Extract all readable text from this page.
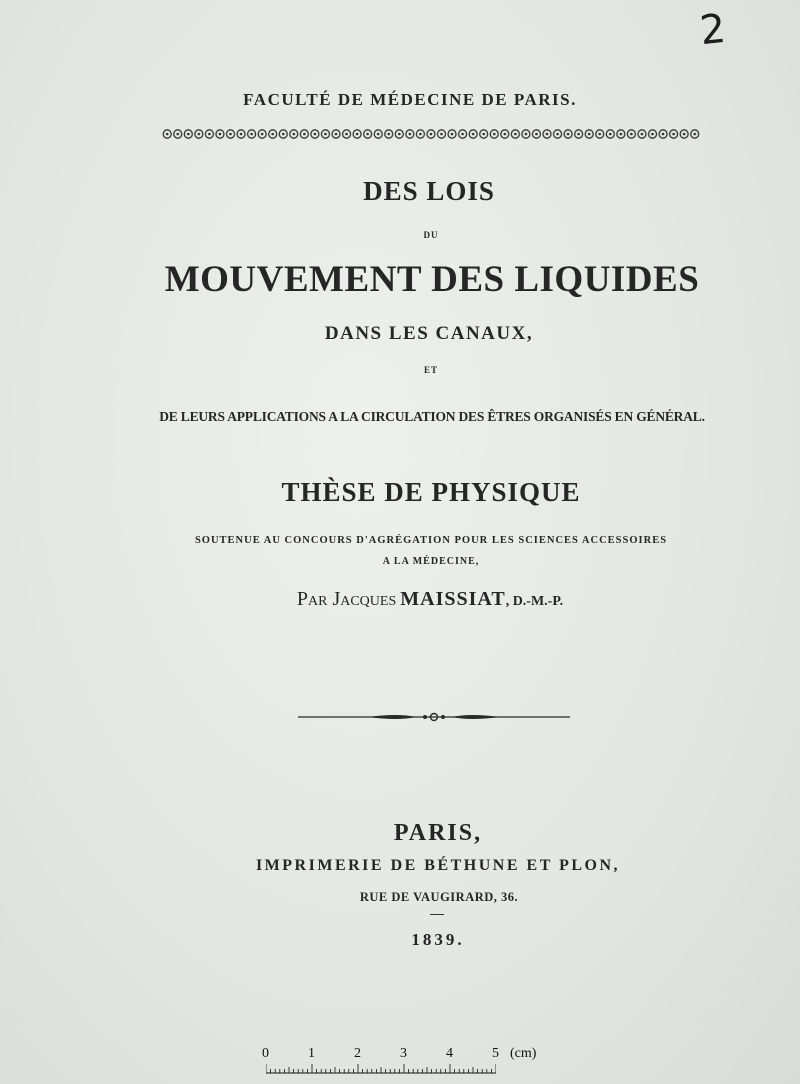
2
FACULTÉ DE MÉDECINE DE PARIS.
DES LOIS
DU
MOUVEMENT DES LIQUIDES
DANS LES CANAUX,
ET
DE LEURS APPLICATIONS A LA CIRCULATION DES ÊTRES ORGANISÉS EN GÉNÉRAL.
THÈSE DE PHYSIQUE
SOUTENUE AU CONCOURS D'AGRÉGATION POUR LES SCIENCES ACCESSOIRES
A LA MÉDECINE,
Par Jacques MAISSIAT, D.-M.-P.
PARIS,
IMPRIMERIE DE BÉTHUNE ET PLON,
RUE DE VAUGIRARD, 36.
1839.
0	1	2	3	4	5 (cm)
